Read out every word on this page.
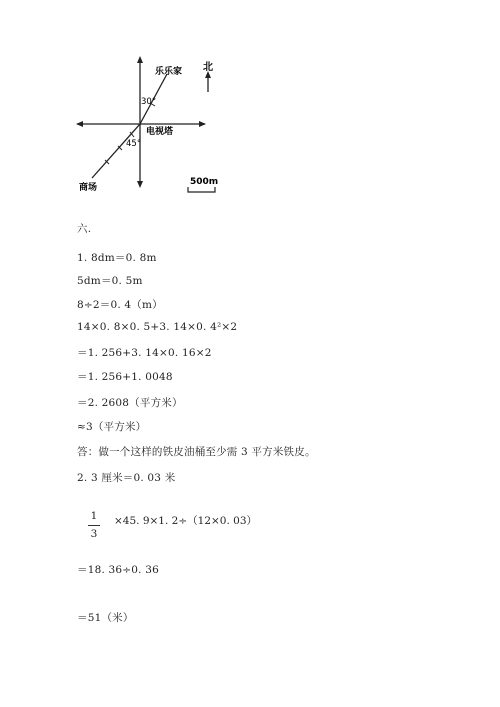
北
乐乐家
电视塔
商场
30°
45°
500m
六.
1. 8dm＝0. 8m
5dm＝0. 5m
8÷2＝0. 4（m）
14×0. 8×0. 5+3. 14×0. 4²×2
＝1. 256+3. 14×0. 16×2
＝1. 256+1. 0048
＝2. 2608（平方米）
≈3（平方米）
答：做一个这样的铁皮油桶至少需 3 平方米铁皮。
2. 3 厘米＝0. 03 米
1
3
×45. 9×1. 2÷（12×0. 03）
＝18. 36÷0. 36
＝51（米）
